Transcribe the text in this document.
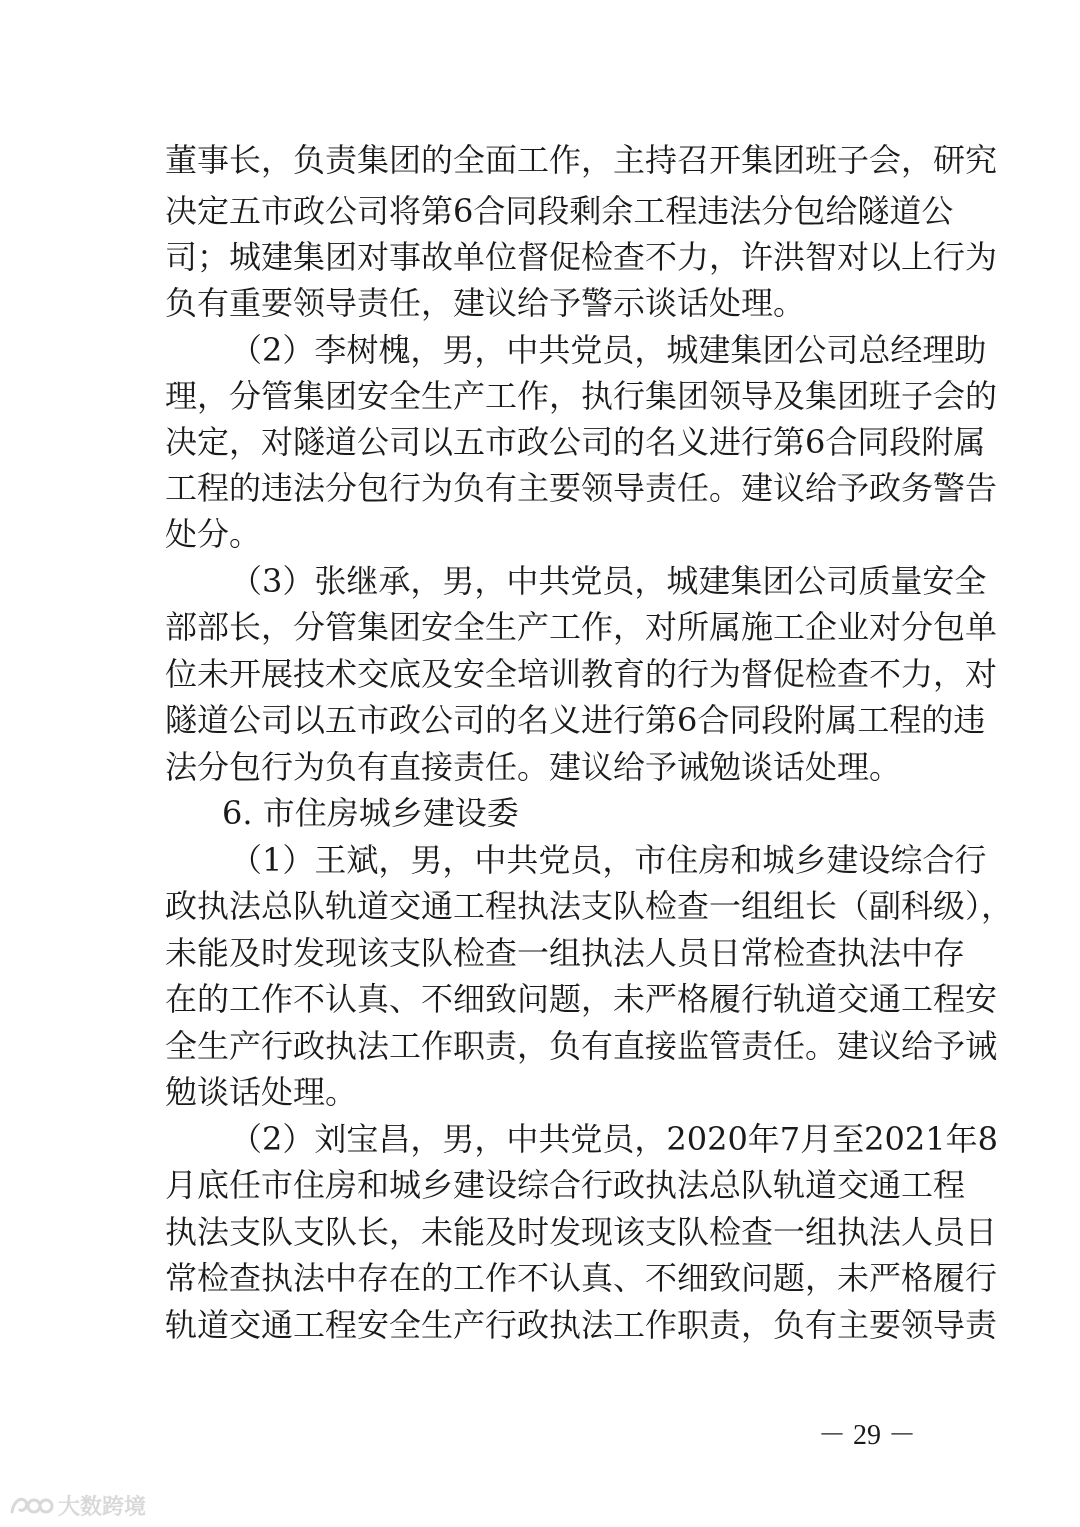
董事长，负责集团的全面工作，主持召开集团班子会，研究
决定五市政公司将第6合同段剩余工程违法分包给隧道公
司；城建集团对事故单位督促检查不力，许洪智对以上行为
负有重要领导责任，建议给予警示谈话处理。
（2）李树槐，男，中共党员，城建集团公司总经理助
理，分管集团安全生产工作，执行集团领导及集团班子会的
决定，对隧道公司以五市政公司的名义进行第6合同段附属
工程的违法分包行为负有主要领导责任。建议给予政务警告
处分。
（3）张继承，男，中共党员，城建集团公司质量安全
部部长，分管集团安全生产工作，对所属施工企业对分包单
位未开展技术交底及安全培训教育的行为督促检查不力，对
隧道公司以五市政公司的名义进行第6合同段附属工程的违
法分包行为负有直接责任。建议给予诫勉谈话处理。
6. 市住房城乡建设委
（1）王斌，男，中共党员，市住房和城乡建设综合行
政执法总队轨道交通工程执法支队检查一组组长（副科级），
未能及时发现该支队检查一组执法人员日常检查执法中存
在的工作不认真、不细致问题，未严格履行轨道交通工程安
全生产行政执法工作职责，负有直接监管责任。建议给予诫
勉谈话处理。
（2）刘宝昌，男，中共党员，2020年7月至2021年8
月底任市住房和城乡建设综合行政执法总队轨道交通工程
执法支队支队长，未能及时发现该支队检查一组执法人员日
常检查执法中存在的工作不认真、不细致问题，未严格履行
轨道交通工程安全生产行政执法工作职责，负有主要领导责
－ 29 －
大数跨境
